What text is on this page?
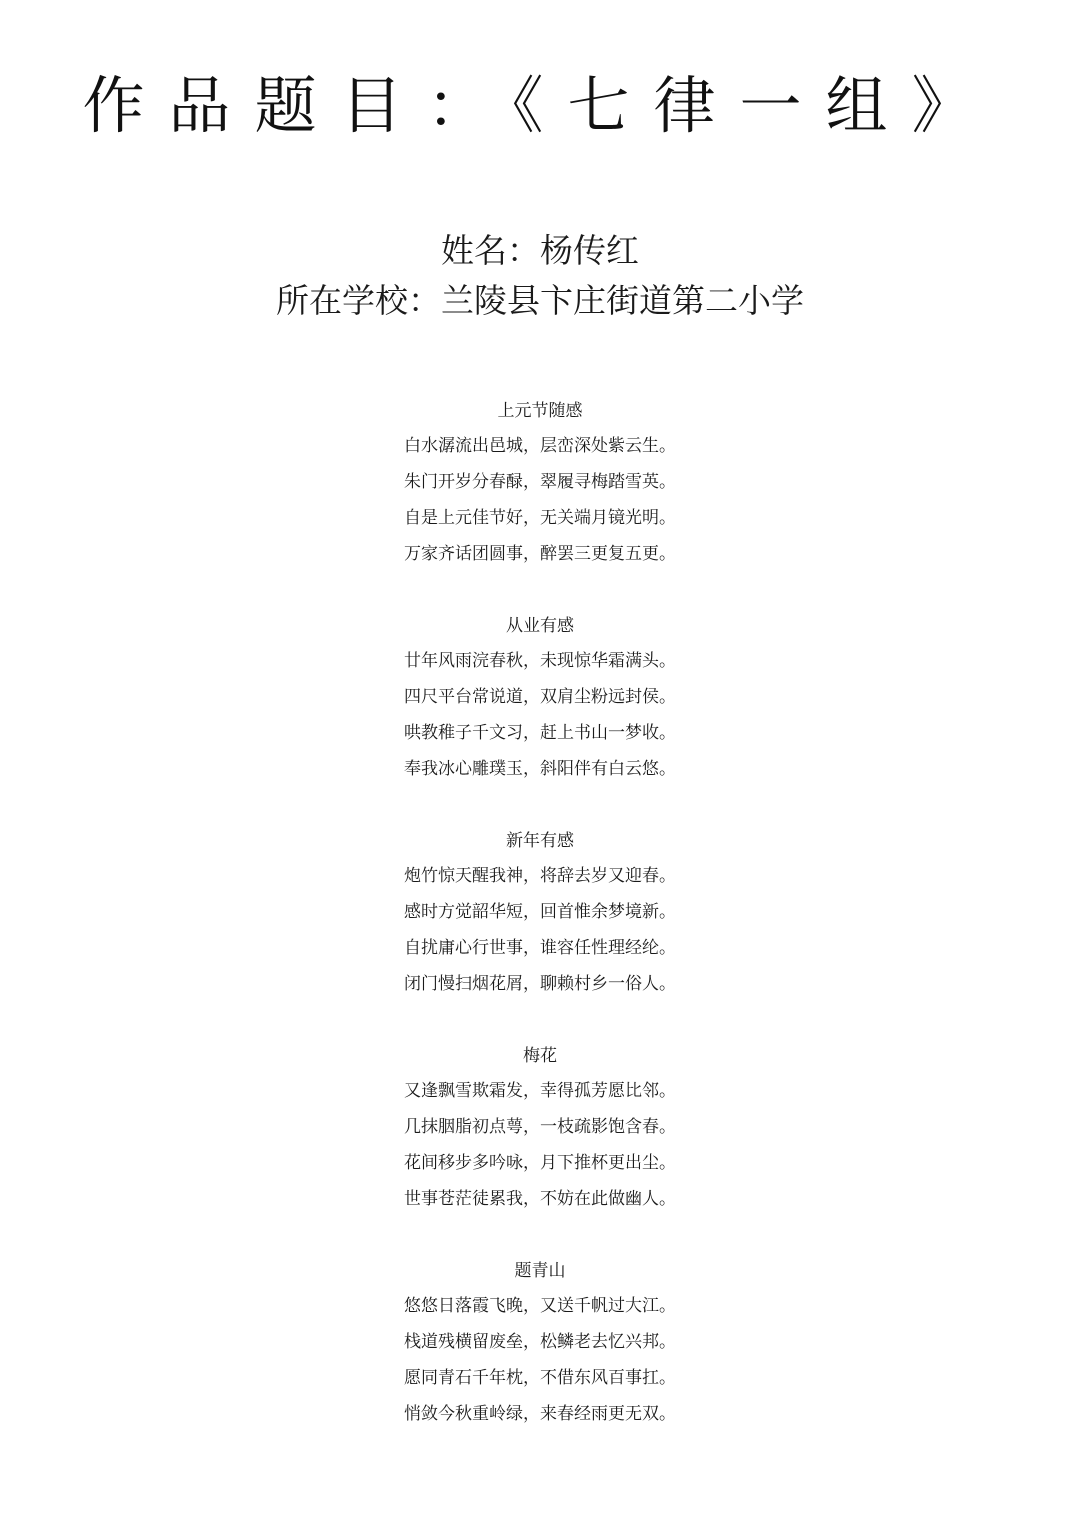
作品题目：《七律一组》
姓名：杨传红
所在学校：兰陵县卞庄街道第二小学
上元节随感
白水潺流出邑城，层峦深处紫云生。
朱门开岁分春醁，翠履寻梅踏雪英。
自是上元佳节好，无关端月镜光明。
万家齐话团圆事，醉罢三更复五更。
从业有感
廿年风雨浣春秋，未现惊华霜满头。
四尺平台常说道，双肩尘粉远封侯。
哄教稚子千文习，赶上书山一梦收。
奉我冰心雕璞玉，斜阳伴有白云悠。
新年有感
炮竹惊天醒我神，将辞去岁又迎春。
感时方觉韶华短，回首惟余梦境新。
自扰庸心行世事，谁容任性理经纶。
闭门慢扫烟花屑，聊赖村乡一俗人。
梅花
又逢飘雪欺霜发，幸得孤芳愿比邻。
几抹胭脂初点萼，一枝疏影饱含春。
花间移步多吟咏，月下推杯更出尘。
世事苍茫徒累我，不妨在此做幽人。
题青山
悠悠日落霞飞晚，又送千帆过大江。
栈道残横留废垒，松鳞老去忆兴邦。
愿同青石千年枕，不借东风百事扛。
悄敛今秋重岭绿，来春经雨更无双。
